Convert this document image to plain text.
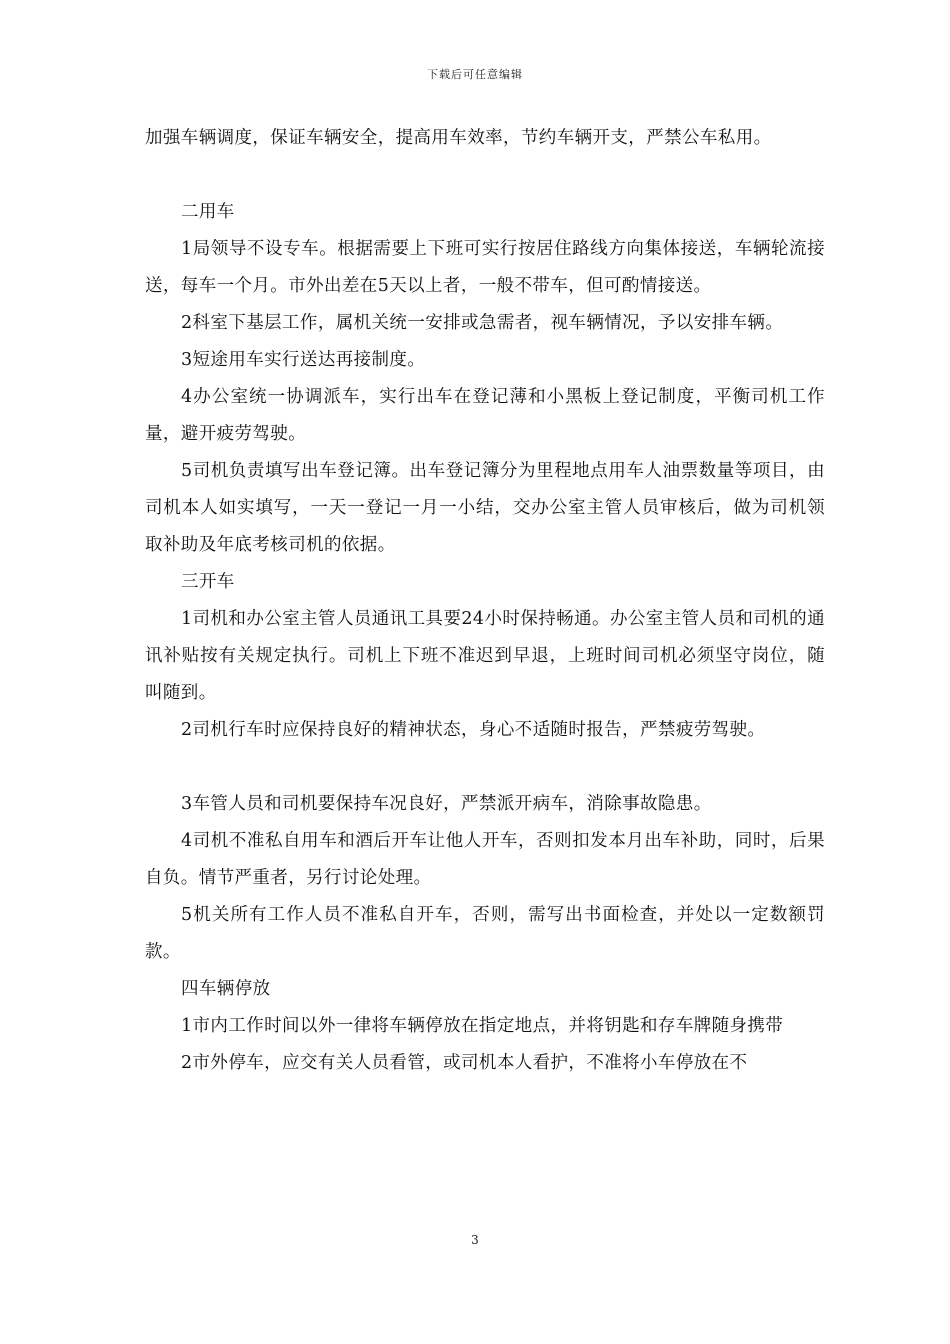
下载后可任意编辑

加强车辆调度，保证车辆安全，提高用车效率，节约车辆开支，严禁公车私用。

二用车

1局领导不设专车。根据需要上下班可实行按居住路线方向集体接送，车辆轮流接送，每车一个月。市外出差在5天以上者，一般不带车，但可酌情接送。

2科室下基层工作，属机关统一安排或急需者，视车辆情况，予以安排车辆。

3短途用车实行送达再接制度。

4办公室统一协调派车，实行出车在登记薄和小黑板上登记制度，平衡司机工作量，避开疲劳驾驶。

5司机负责填写出车登记簿。出车登记簿分为里程地点用车人油票数量等项目，由司机本人如实填写，一天一登记一月一小结，交办公室主管人员审核后，做为司机领取补助及年底考核司机的依据。

三开车

1司机和办公室主管人员通讯工具要24小时保持畅通。办公室主管人员和司机的通讯补贴按有关规定执行。司机上下班不准迟到早退，上班时间司机必须坚守岗位，随叫随到。

2司机行车时应保持良好的精神状态，身心不适随时报告，严禁疲劳驾驶。

3车管人员和司机要保持车况良好，严禁派开病车，消除事故隐患。

4司机不准私自用车和酒后开车让他人开车，否则扣发本月出车补助，同时，后果自负。情节严重者，另行讨论处理。

5机关所有工作人员不准私自开车，否则，需写出书面检查，并处以一定数额罚款。

四车辆停放

1市内工作时间以外一律将车辆停放在指定地点，并将钥匙和存车牌随身携带

2市外停车，应交有关人员看管，或司机本人看护，不准将小车停放在不

3
